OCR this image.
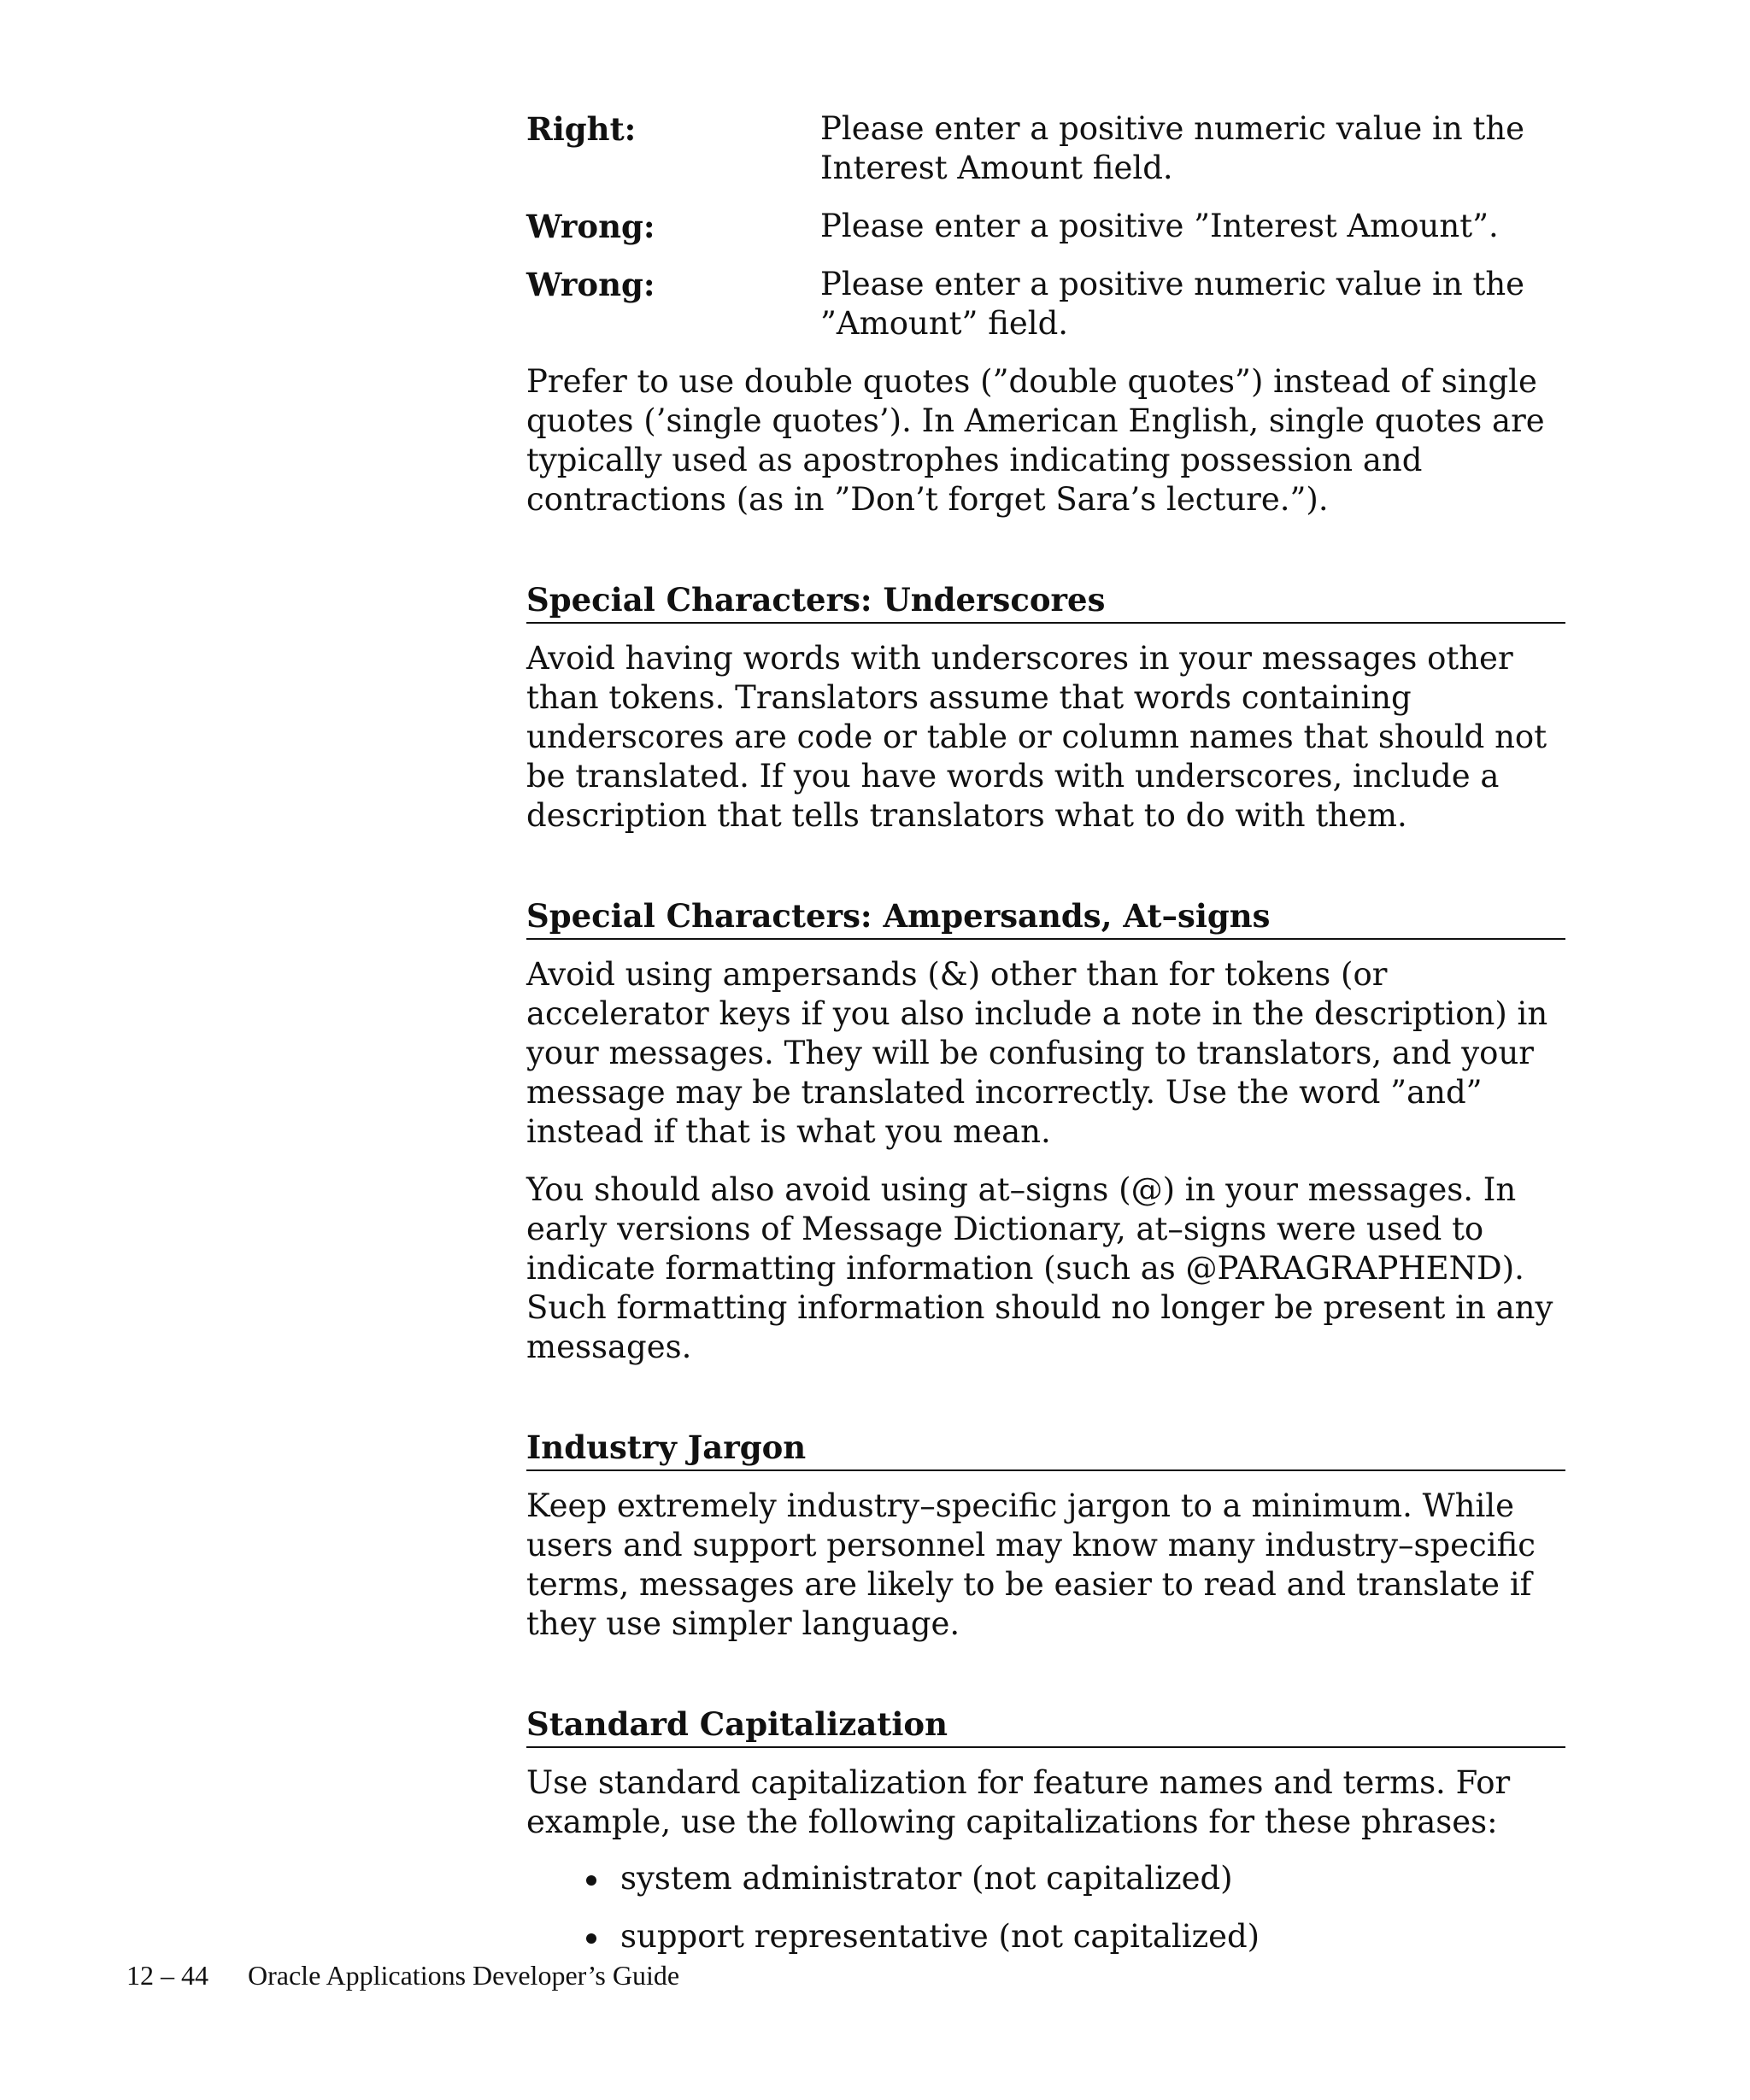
Right:	Please enter a positive numeric value in the Interest Amount field.
Wrong:	Please enter a positive ”Interest Amount”.
Wrong:	Please enter a positive numeric value in the ”Amount” field.

Prefer to use double quotes (”double quotes”) instead of single quotes (’single quotes’). In American English, single quotes are typically used as apostrophes indicating possession and contractions (as in ”Don’t forget Sara’s lecture.”).

Special Characters: Underscores

Avoid having words with underscores in your messages other than tokens. Translators assume that words containing underscores are code or table or column names that should not be translated. If you have words with underscores, include a description that tells translators what to do with them.

Special Characters: Ampersands, At–signs

Avoid using ampersands (&) other than for tokens (or accelerator keys if you also include a note in the description) in your messages. They will be confusing to translators, and your message may be translated incorrectly. Use the word ”and” instead if that is what you mean.

You should also avoid using at–signs (@) in your messages. In early versions of Message Dictionary, at–signs were used to indicate formatting information (such as @PARAGRAPHEND). Such formatting information should no longer be present in any messages.

Industry Jargon

Keep extremely industry–specific jargon to a minimum. While users and support personnel may know many industry–specific terms, messages are likely to be easier to read and translate if they use simpler language.

Standard Capitalization

Use standard capitalization for feature names and terms. For example, use the following capitalizations for these phrases:

system administrator (not capitalized)
support representative (not capitalized)
12 – 44 Oracle Applications Developer’s Guide
